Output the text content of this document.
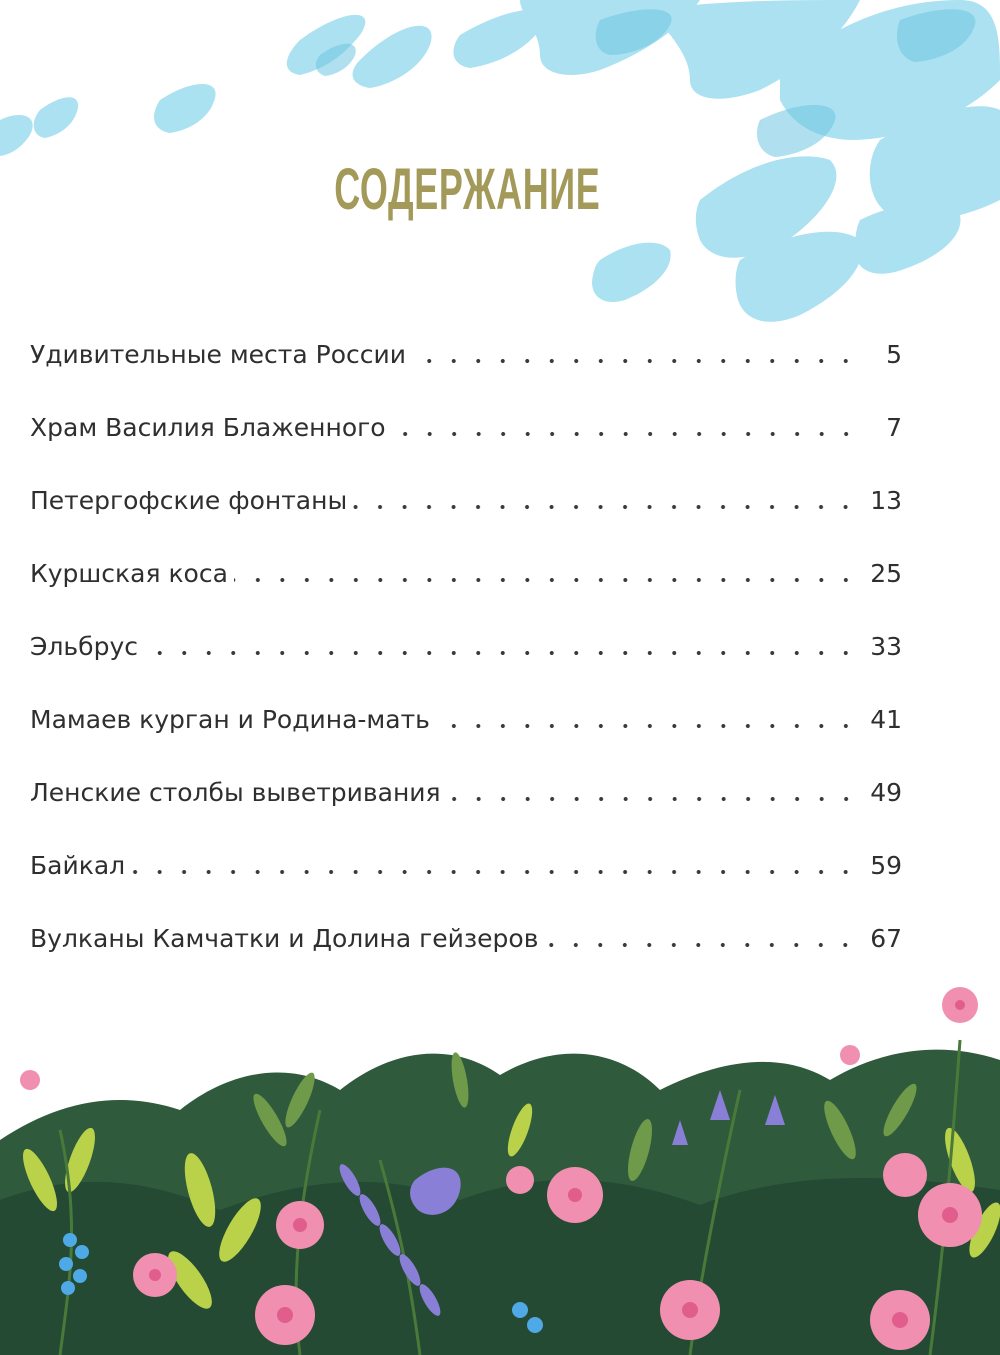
СОДЕРЖАНИЕ
Удивительные места России	5
Храм Василия Блаженного	7
Петергофские фонтаны	13
Куршская коса	25
Эльбрус	33
Мамаев курган и Родина-мать	41
Ленские столбы выветривания	49
Байкал	59
Вулканы Камчатки и Долина гейзеров	67
